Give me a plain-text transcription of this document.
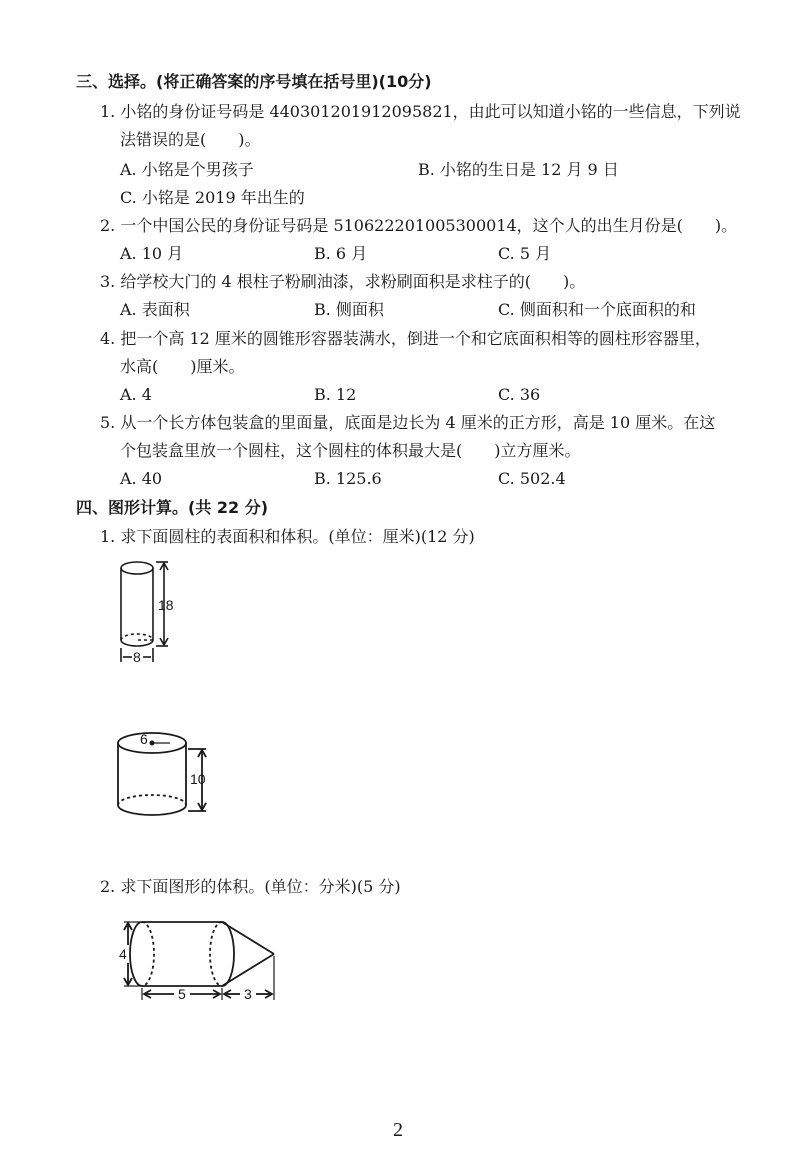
三、选择。(将正确答案的序号填在括号里)(10分)
1. 小铭的身份证号码是 440301201912095821，由此可以知道小铭的一些信息，下列说
法错误的是(　　)。
A. 小铭是个男孩子	B. 小铭的生日是 12 月 9 日
C. 小铭是 2019 年出生的
2. 一个中国公民的身份证号码是 510622201005300014，这个人的出生月份是(　　)。
A. 10 月	B. 6 月	C. 5 月
3. 给学校大门的 4 根柱子粉刷油漆，求粉刷面积是求柱子的(　　)。
A. 表面积	B. 侧面积	C. 侧面积和一个底面积的和
4. 把一个高 12 厘米的圆锥形容器装满水，倒进一个和它底面积相等的圆柱形容器里，
水高(　　)厘米。
A. 4	B. 12	C. 36
5. 从一个长方体包装盒的里面量，底面是边长为 4 厘米的正方形，高是 10 厘米。在这
个包装盒里放一个圆柱，这个圆柱的体积最大是(　　)立方厘米。
A. 40	B. 125.6	C. 502.4
四、图形计算。(共 22 分)
1. 求下面圆柱的表面积和体积。(单位：厘米)(12 分)
2. 求下面图形的体积。(单位：分米)(5 分)
18
8
6
10
4
5	3
2
